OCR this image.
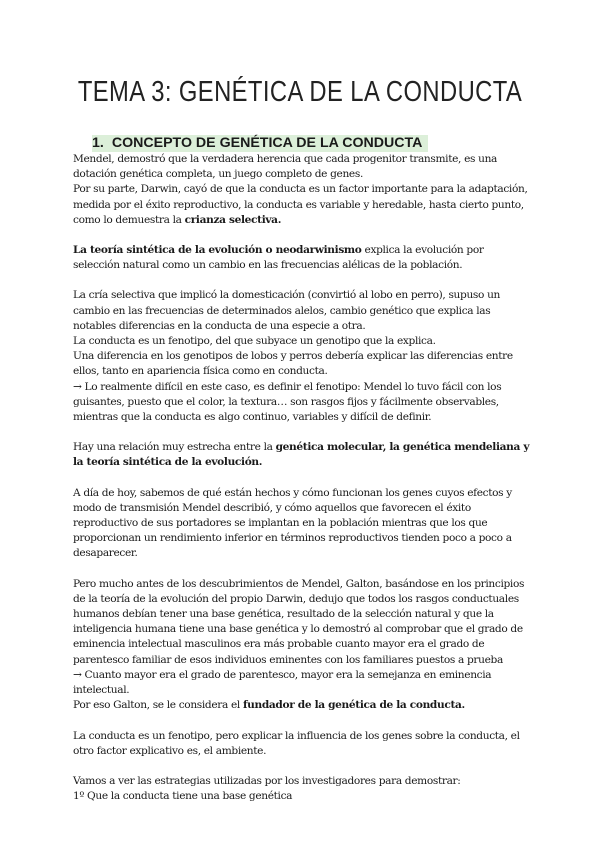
TEMA 3: GENÉTICA DE LA CONDUCTA
1. CONCEPTO DE GENÉTICA DE LA CONDUCTA

Mendel, demostró que la verdadera herencia que cada progenitor transmite, es una dotación genética completa, un juego completo de genes.

Por su parte, Darwin, cayó de que la conducta es un factor importante para la adaptación, medida por el éxito reproductivo, la conducta es variable y heredable, hasta cierto punto, como lo demuestra la crianza selectiva.

La teoría sintética de la evolución o neodarwinismo explica la evolución por selección natural como un cambio en las frecuencias alélicas de la población.

La cría selectiva que implicó la domesticación (convirtió al lobo en perro), supuso un cambio en las frecuencias de determinados alelos, cambio genético que explica las notables diferencias en la conducta de una especie a otra.

La conducta es un fenotipo, del que subyace un genotipo que la explica.

Una diferencia en los genotipos de lobos y perros debería explicar las diferencias entre ellos, tanto en apariencia física como en conducta.

→ Lo realmente difícil en este caso, es definir el fenotipo: Mendel lo tuvo fácil con los guisantes, puesto que el color, la textura… son rasgos fijos y fácilmente observables, mientras que la conducta es algo continuo, variables y difícil de definir.

Hay una relación muy estrecha entre la genética molecular, la genética mendeliana y la teoría sintética de la evolución.

A día de hoy, sabemos de qué están hechos y cómo funcionan los genes cuyos efectos y modo de transmisión Mendel describió, y cómo aquellos que favorecen el éxito reproductivo de sus portadores se implantan en la población mientras que los que proporcionan un rendimiento inferior en términos reproductivos tienden poco a poco a desaparecer.

Pero mucho antes de los descubrimientos de Mendel, Galton, basándose en los principios de la teoría de la evolución del propio Darwin, dedujo que todos los rasgos conductuales humanos debían tener una base genética, resultado de la selección natural y que la inteligencia humana tiene una base genética y lo demostró al comprobar que el grado de eminencia intelectual masculinos era más probable cuanto mayor era el grado de parentesco familiar de esos individuos eminentes con los familiares puestos a prueba

→ Cuanto mayor era el grado de parentesco, mayor era la semejanza en eminencia intelectual.

Por eso Galton, se le considera el fundador de la genética de la conducta.

La conducta es un fenotipo, pero explicar la influencia de los genes sobre la conducta, el otro factor explicativo es, el ambiente.

Vamos a ver las estrategias utilizadas por los investigadores para demostrar:

1º Que la conducta tiene una base genética
